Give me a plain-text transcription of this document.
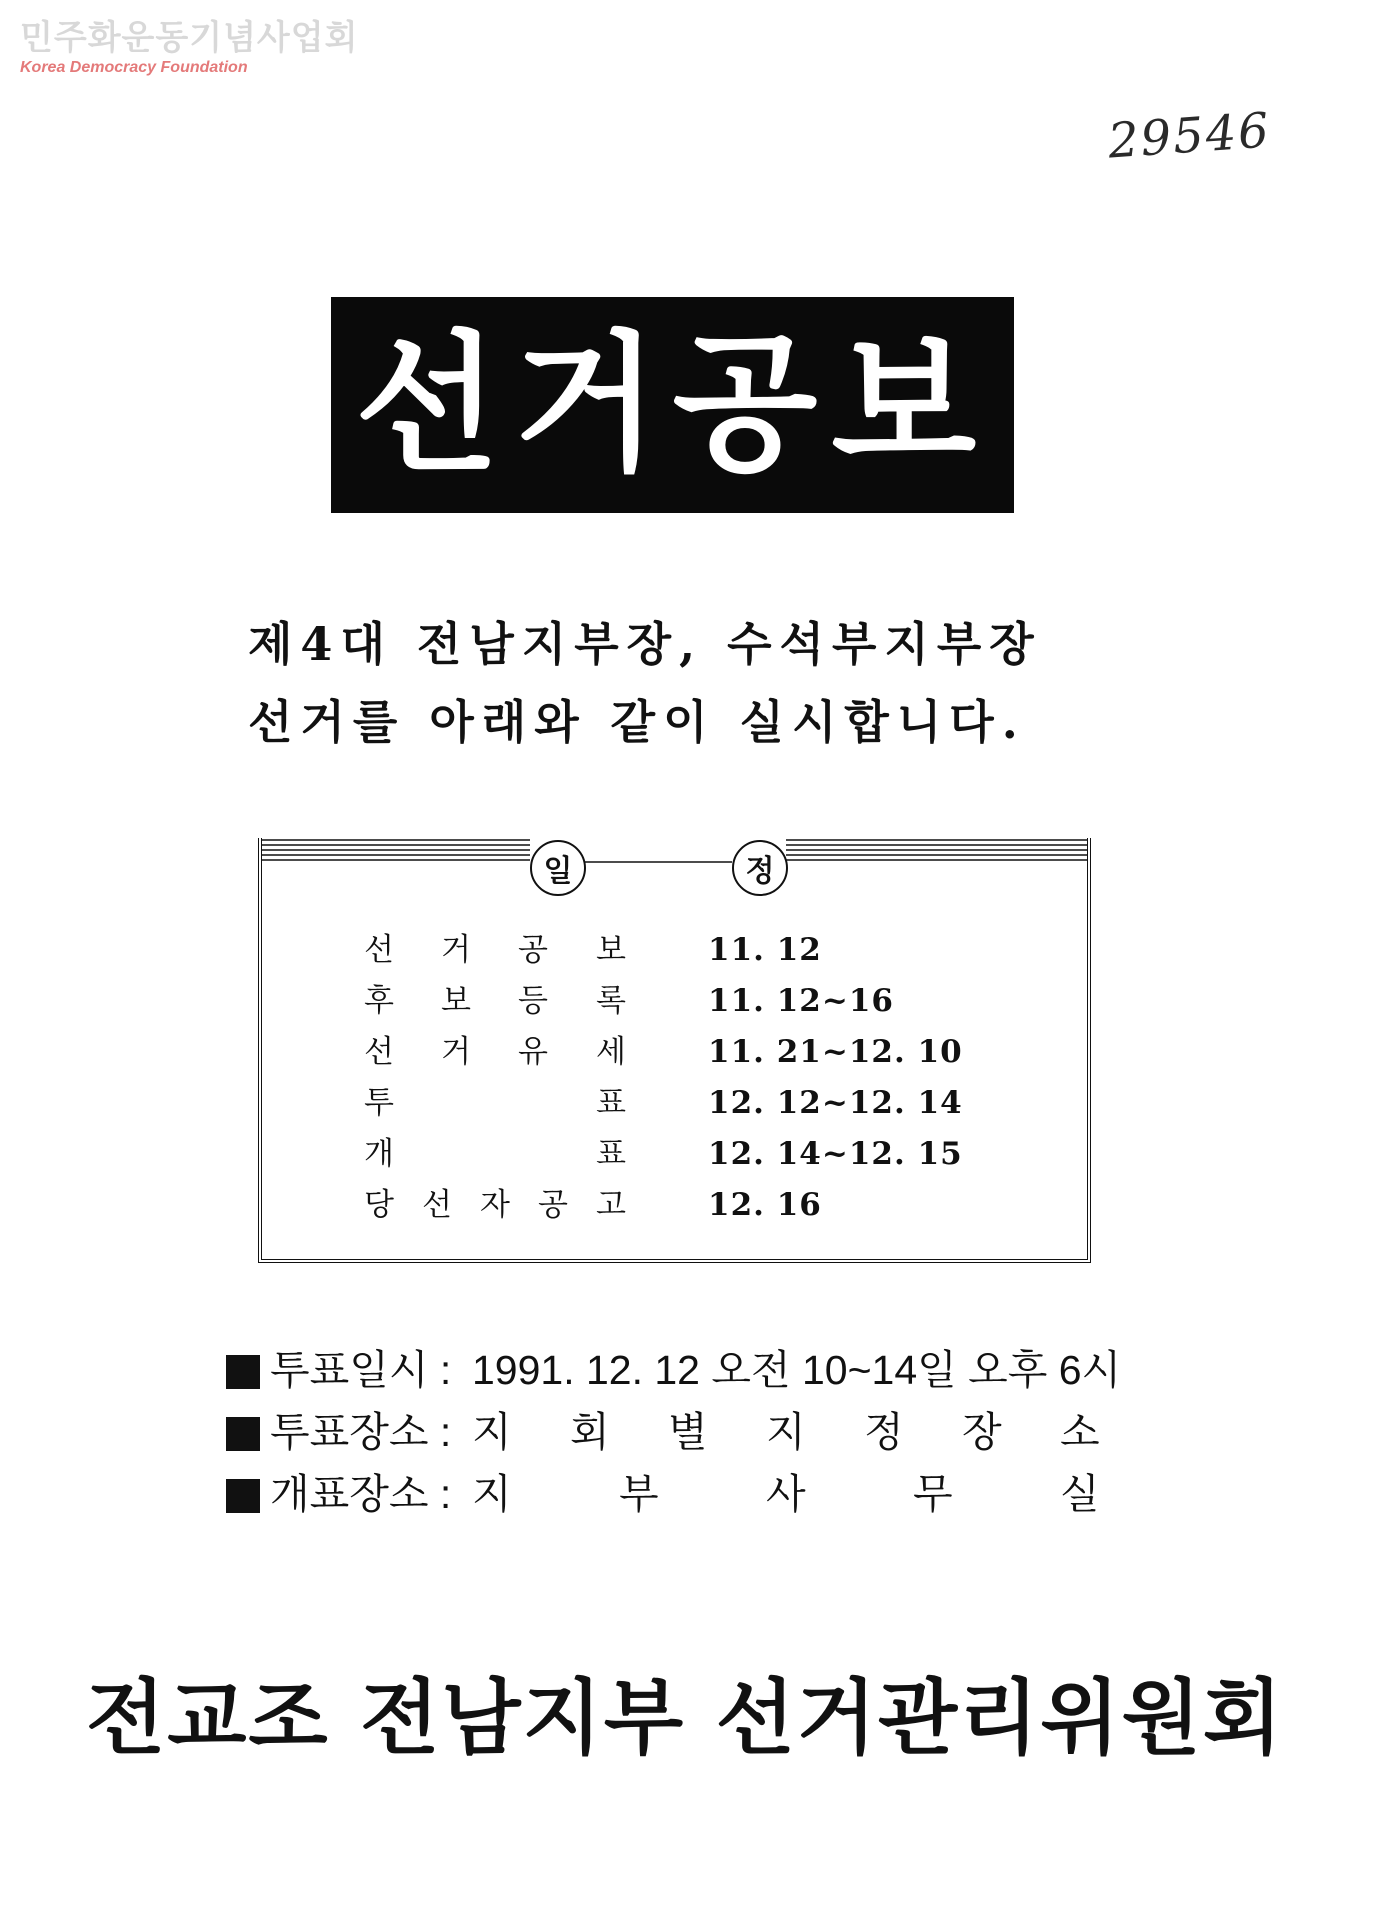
민주화운동기념사업회
Korea Democracy Foundation
29546
선거공보
제4대 전남지부장, 수석부지부장
선거를 아래와 같이 실시합니다.
일	정
선 거 공 보	11. 12
후 보 등 록	11. 12~16
선 거 유 세	11. 21~12. 10
투	표	12. 12~12. 14
개	표	12. 14~12. 15
당 선 자 공 고	12. 16
투표일시 : 1991. 12. 12 오전 10~14일 오후 6시
투표장소 : 지 회 별 지 정 장 소
개표장소 : 지	부	사	무	실
전교조 전남지부 선거관리위원회
